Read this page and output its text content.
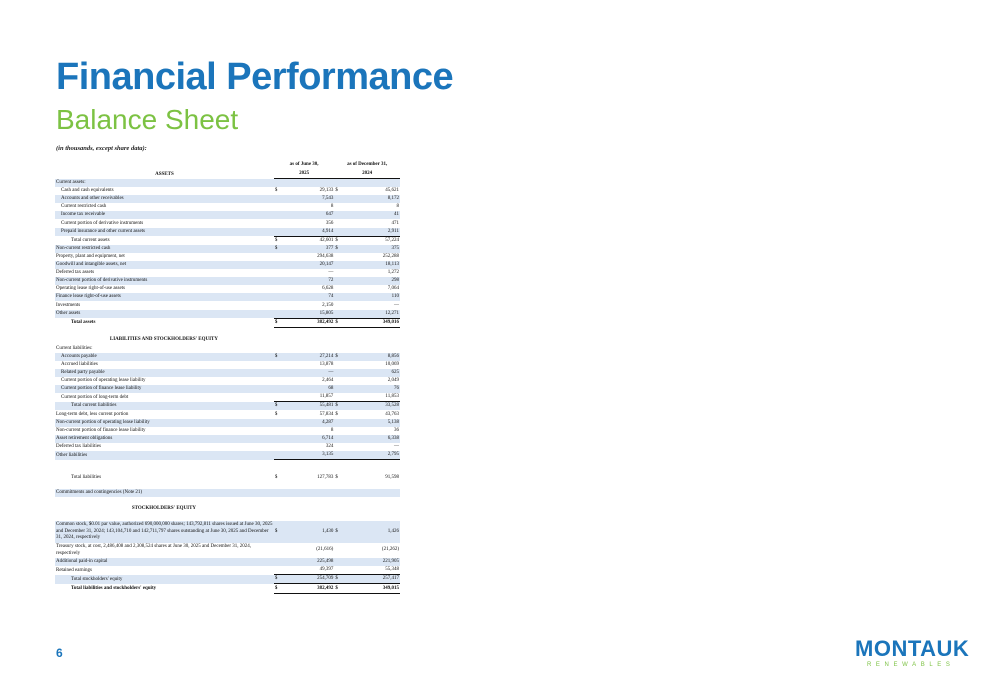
Financial Performance
Balance Sheet
(in thousands, except share data):
	as of June 30,		as of December 31,	
ASSETS	2025		2024	
Current assets:				
Cash and cash equivalents	$	29,133	$	45,621
Accounts and other receivables		7,543		8,172
Current restricted cash		8		8
Income tax receivable		647		41
Current portion of derivative instruments		356		471
Prepaid insurance and other current assets		4,914		2,911
Total current assets	$	42,601	$	57,224
Non-current restricted cash	$	377	$	375
Property, plant and equipment, net		294,638		252,288
Goodwill and intangible assets, net		20,147		18,113
Deferred tax assets		—		1,272
Non-current portion of derivative instruments		72		298
Operating lease right-of-use assets		6,628		7,064
Finance lease right-of-use assets		74		110
Investments		2,150		—
Other assets		15,805		12,271
Total assets	$	382,492	$	349,016

LIABILITIES AND STOCKHOLDERS' EQUITY				
Current liabilities:				
Accounts payable	$	27,214	$	8,856
Accrued liabilities		13,878		10,069
Related party payable		—		625
Current portion of operating lease liability		2,464		2,049
Current portion of finance lease liability		68		76
Current portion of long-term debt		11,857		11,853
Total current liabilities	$	55,481	$	33,528
Long-term debt, less current portion	$	57,834	$	43,763
Non-current portion of operating lease liability		4,287		5,138
Non-current portion of finance lease liability		8		36
Asset retirement obligations		6,714		6,338
Deferred tax liabilities		324		—
Other liabilities		3,135		2,795

Total liabilities	$	127,783	$	91,598

Commitments and contingencies (Note 21)				

STOCKHOLDERS' EQUITY				

Common stock, $0.01 par value, authorized 690,000,000 shares; 143,792,811 shares issued at June 30, 2025 and December 31, 2024; 143,104,710 and 142,711,797 shares outstanding at June 30, 2025 and December 31, 2024, respectively	$	1,430	$	1,426
Treasury stock, at cost, 2,486,408 and 2,308,524 shares at June 30, 2025 and December 31, 2024, respectively		(21,616)		(21,262)
Additional paid-in capital		225,498		221,905
Retained earnings		49,397		55,348
Total stockholders' equity	$	254,709	$	257,417
Total liabilities and stockholders' equity	$	382,492	$	349,015
6	MONTAUK
RENEWABLES
